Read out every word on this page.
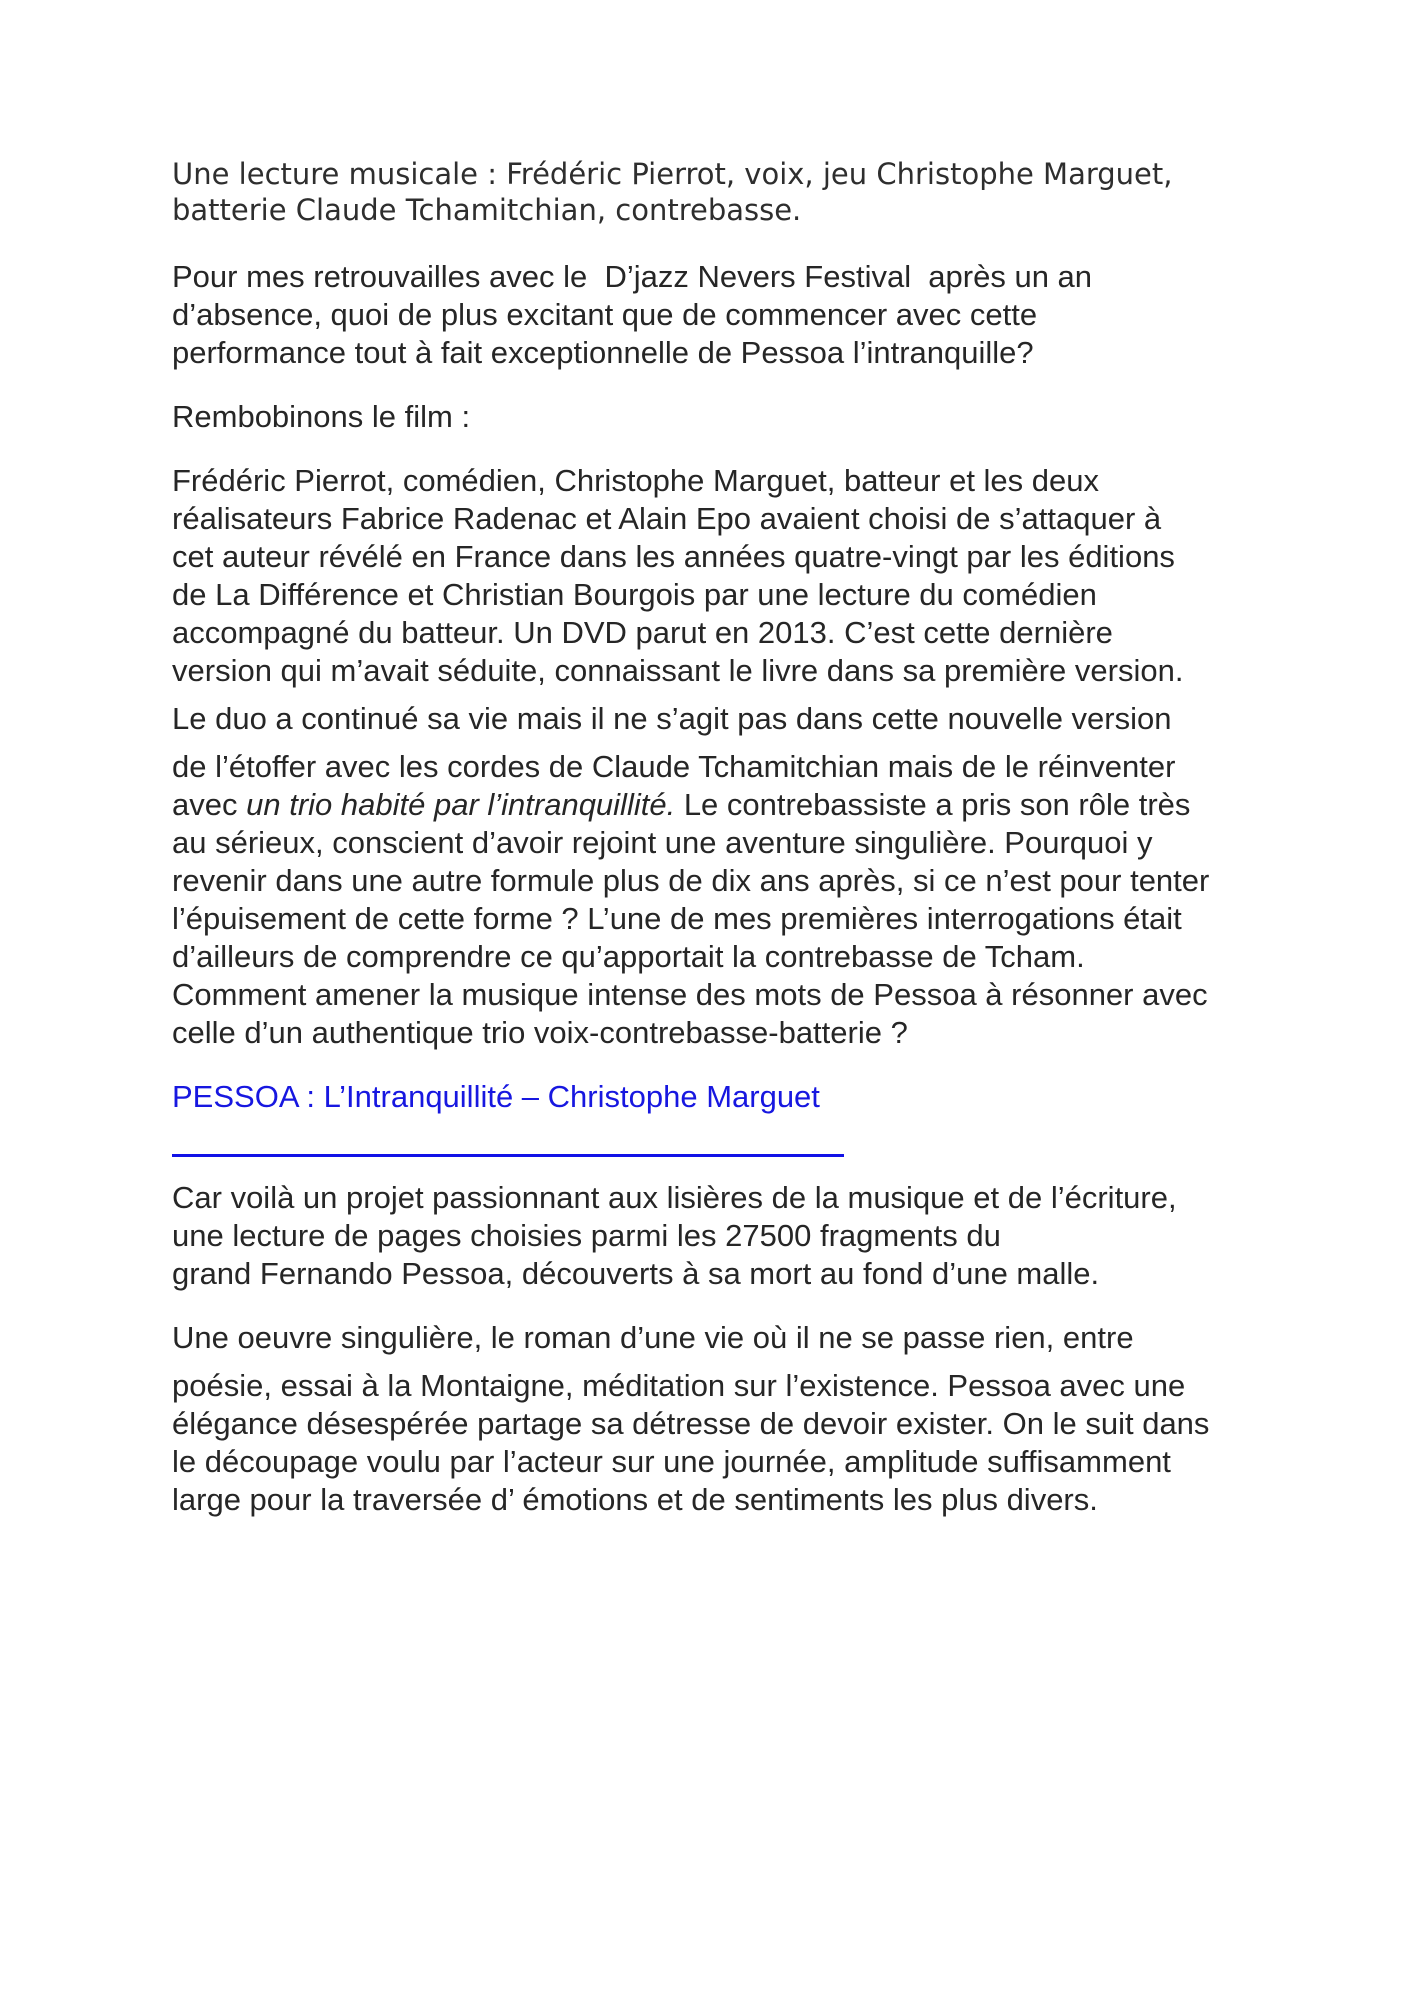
Une lecture musicale : Frédéric Pierrot, voix, jeu Christophe Marguet,
batterie Claude Tchamitchian, contrebasse.

Pour mes retrouvailles avec le  D’jazz Nevers Festival  après un an
d’absence, quoi de plus excitant que de commencer avec cette
performance tout à fait exceptionnelle de Pessoa l’intranquille?

Rembobinons le film :

Frédéric Pierrot, comédien, Christophe Marguet, batteur et les deux
réalisateurs Fabrice Radenac et Alain Epo avaient choisi de s’attaquer à
cet auteur révélé en France dans les années quatre-vingt par les éditions
de La Différence et Christian Bourgois par une lecture du comédien
accompagné du batteur. Un DVD parut en 2013. C’est cette dernière
version qui m’avait séduite, connaissant le livre dans sa première version.

Le duo a continué sa vie mais il ne s’agit pas dans cette nouvelle version

de l’étoffer avec les cordes de Claude Tchamitchian mais de le réinventer
avec un trio habité par l’intranquillité. Le contrebassiste a pris son rôle très
au sérieux, conscient d’avoir rejoint une aventure singulière. Pourquoi y
revenir dans une autre formule plus de dix ans après, si ce n’est pour tenter
l’épuisement de cette forme ? L’une de mes premières interrogations était
d’ailleurs de comprendre ce qu’apportait la contrebasse de Tcham.
Comment amener la musique intense des mots de Pessoa à résonner avec
celle d’un authentique trio voix-contrebasse-batterie ?

PESSOA : L’Intranquillité – Christophe Marguet

Car voilà un projet passionnant aux lisières de la musique et de l’écriture,
une lecture de pages choisies parmi les 27500 fragments du
grand Fernando Pessoa, découverts à sa mort au fond d’une malle.

Une oeuvre singulière, le roman d’une vie où il ne se passe rien, entre

poésie, essai à la Montaigne, méditation sur l’existence. Pessoa avec une
élégance désespérée partage sa détresse de devoir exister. On le suit dans
le découpage voulu par l’acteur sur une journée, amplitude suffisamment
large pour la traversée d’ émotions et de sentiments les plus divers.
